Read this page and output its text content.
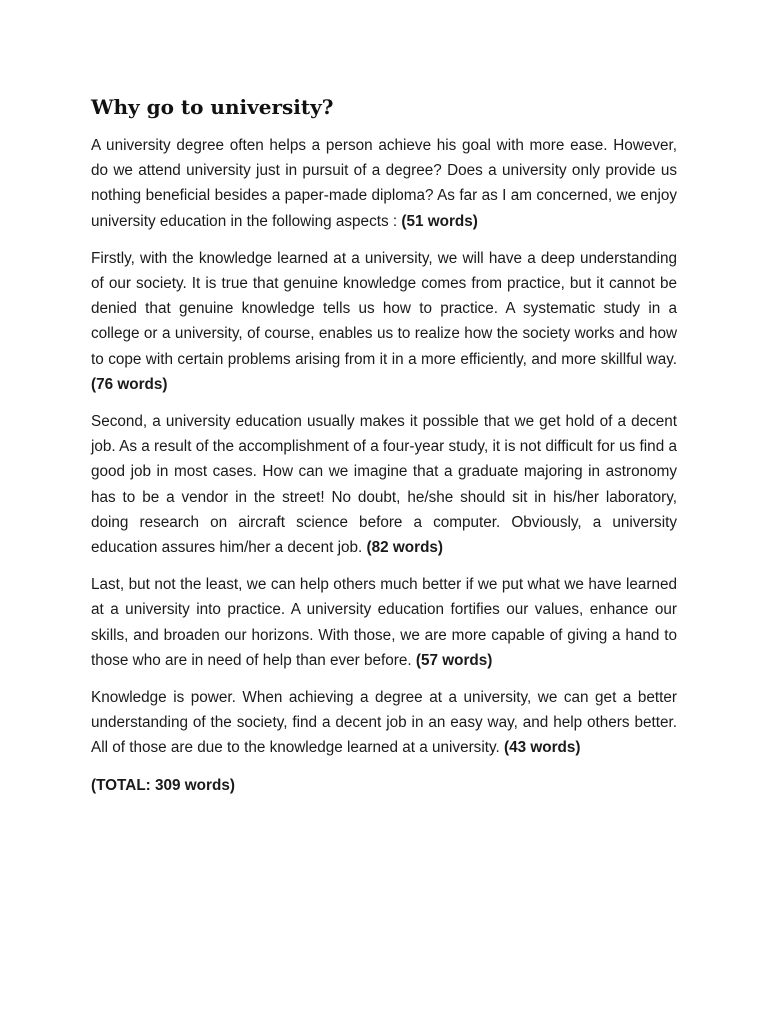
Why go to university?

A university degree often helps a person achieve his goal with more ease. However, do we attend university just in pursuit of a degree? Does a university only provide us nothing beneficial besides a paper-made diploma? As far as I am concerned, we enjoy university education in the following aspects : (51 words)

Firstly, with the knowledge learned at a university, we will have a deep understanding of our society. It is true that genuine knowledge comes from practice, but it cannot be denied that genuine knowledge tells us how to practice. A systematic study in a college or a university, of course, enables us to realize how the society works and how to cope with certain problems arising from it in a more efficiently, and more skillful way. (76 words)

Second, a university education usually makes it possible that we get hold of a decent job. As a result of the accomplishment of a four-year study, it is not difficult for us find a good job in most cases. How can we imagine that a graduate majoring in astronomy has to be a vendor in the street! No doubt, he/she should sit in his/her laboratory, doing research on aircraft science before a computer. Obviously, a university education assures him/her a decent job. (82 words)

Last, but not the least, we can help others much better if we put what we have learned at a university into practice. A university education fortifies our values, enhance our skills, and broaden our horizons. With those, we are more capable of giving a hand to those who are in need of help than ever before. (57 words)

Knowledge is power. When achieving a degree at a university, we can get a better understanding of the society, find a decent job in an easy way, and help others better. All of those are due to the knowledge learned at a university. (43 words)

(TOTAL: 309 words)
